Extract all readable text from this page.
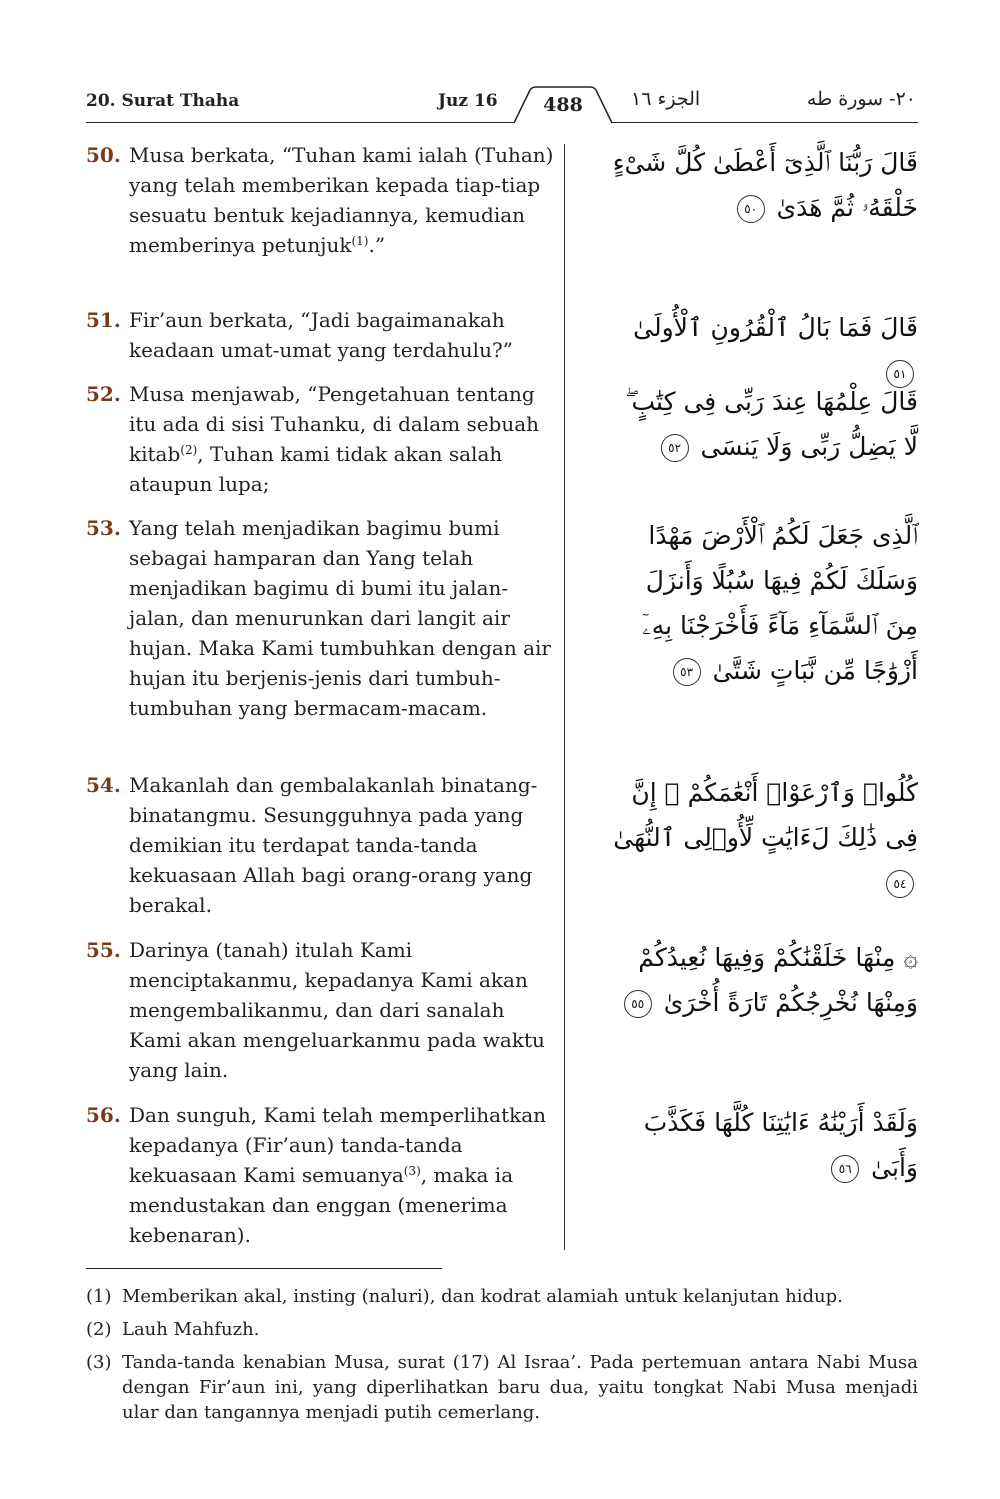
20. Surat Thaha	Juz 16	488	الجزء ١٦	٢٠- سورة طه
50. Musa berkata, “Tuhan kami ialah (Tuhan) yang telah memberikan kepada tiap-tiap sesuatu bentuk kejadiannya, kemudian memberinya petunjuk$^{(1)}$.”
قَالَ رَبُّنَا ٱلَّذِىٓ أَعْطَىٰ كُلَّ شَىْءٍ خَلْقَهُۥ ثُمَّ هَدَىٰ ٥٠
51. Fir’aun berkata, “Jadi bagaimanakah keadaan umat-umat yang terdahulu?”
قَالَ فَمَا بَالُ ٱلْقُرُونِ ٱلْأُولَىٰ ٥١
52. Musa menjawab, “Pengetahuan tentang itu ada di sisi Tuhanku, di dalam sebuah kitab$^{(2)}$, Tuhan kami tidak akan salah ataupun lupa;
قَالَ عِلْمُهَا عِندَ رَبِّى فِى كِتَٰبٍ ۖ لَّا يَضِلُّ رَبِّى وَلَا يَنسَى ٥٢
53. Yang telah menjadikan bagimu bumi sebagai hamparan dan Yang telah menjadikan bagimu di bumi itu jalan-jalan, dan menurunkan dari langit air hujan. Maka Kami tumbuhkan dengan air hujan itu berjenis-jenis dari tumbuh-tumbuhan yang bermacam-macam.
ٱلَّذِى جَعَلَ لَكُمُ ٱلْأَرْضَ مَهْدًا وَسَلَكَ لَكُمْ فِيهَا سُبُلًا وَأَنزَلَ مِنَ ٱلسَّمَآءِ مَآءً فَأَخْرَجْنَا بِهِۦٓ أَزْوَٰجًا مِّن نَّبَاتٍ شَتَّىٰ ٥٣
54. Makanlah dan gembalakanlah binatang-binatangmu. Sesungguhnya pada yang demikian itu terdapat tanda-tanda kekuasaan Allah bagi orang-orang yang berakal.
كُلُوا۟ وَٱرْعَوْا۟ أَنْعَٰمَكُمْ ۗ إِنَّ فِى ذَٰلِكَ لَءَايَٰتٍ لِّأُو۟لِى ٱلنُّهَىٰ ٥٤
55. Darinya (tanah) itulah Kami menciptakanmu, kepadanya Kami akan mengembalikanmu, dan dari sanalah Kami akan mengeluarkanmu pada waktu yang lain.
۞ مِنْهَا خَلَقْنَٰكُمْ وَفِيهَا نُعِيدُكُمْ وَمِنْهَا نُخْرِجُكُمْ تَارَةً أُخْرَىٰ ٥٥
56. Dan sunguh, Kami telah memperlihatkan kepadanya (Fir’aun) tanda-tanda kekuasaan Kami semuanya$^{(3)}$, maka ia mendustakan dan enggan (menerima kebenaran).
وَلَقَدْ أَرَيْنَٰهُ ءَايَٰتِنَا كُلَّهَا فَكَذَّبَ وَأَبَىٰ ٥٦
(1) Memberikan akal, insting (naluri), dan kodrat alamiah untuk kelanjutan hidup.
(2) Lauh Mahfuzh.
(3) Tanda-tanda kenabian Musa, surat (17) Al Israa’. Pada pertemuan antara Nabi Musa dengan Fir’aun ini, yang diperlihatkan baru dua, yaitu tongkat Nabi Musa menjadi ular dan tangannya menjadi putih cemerlang.
